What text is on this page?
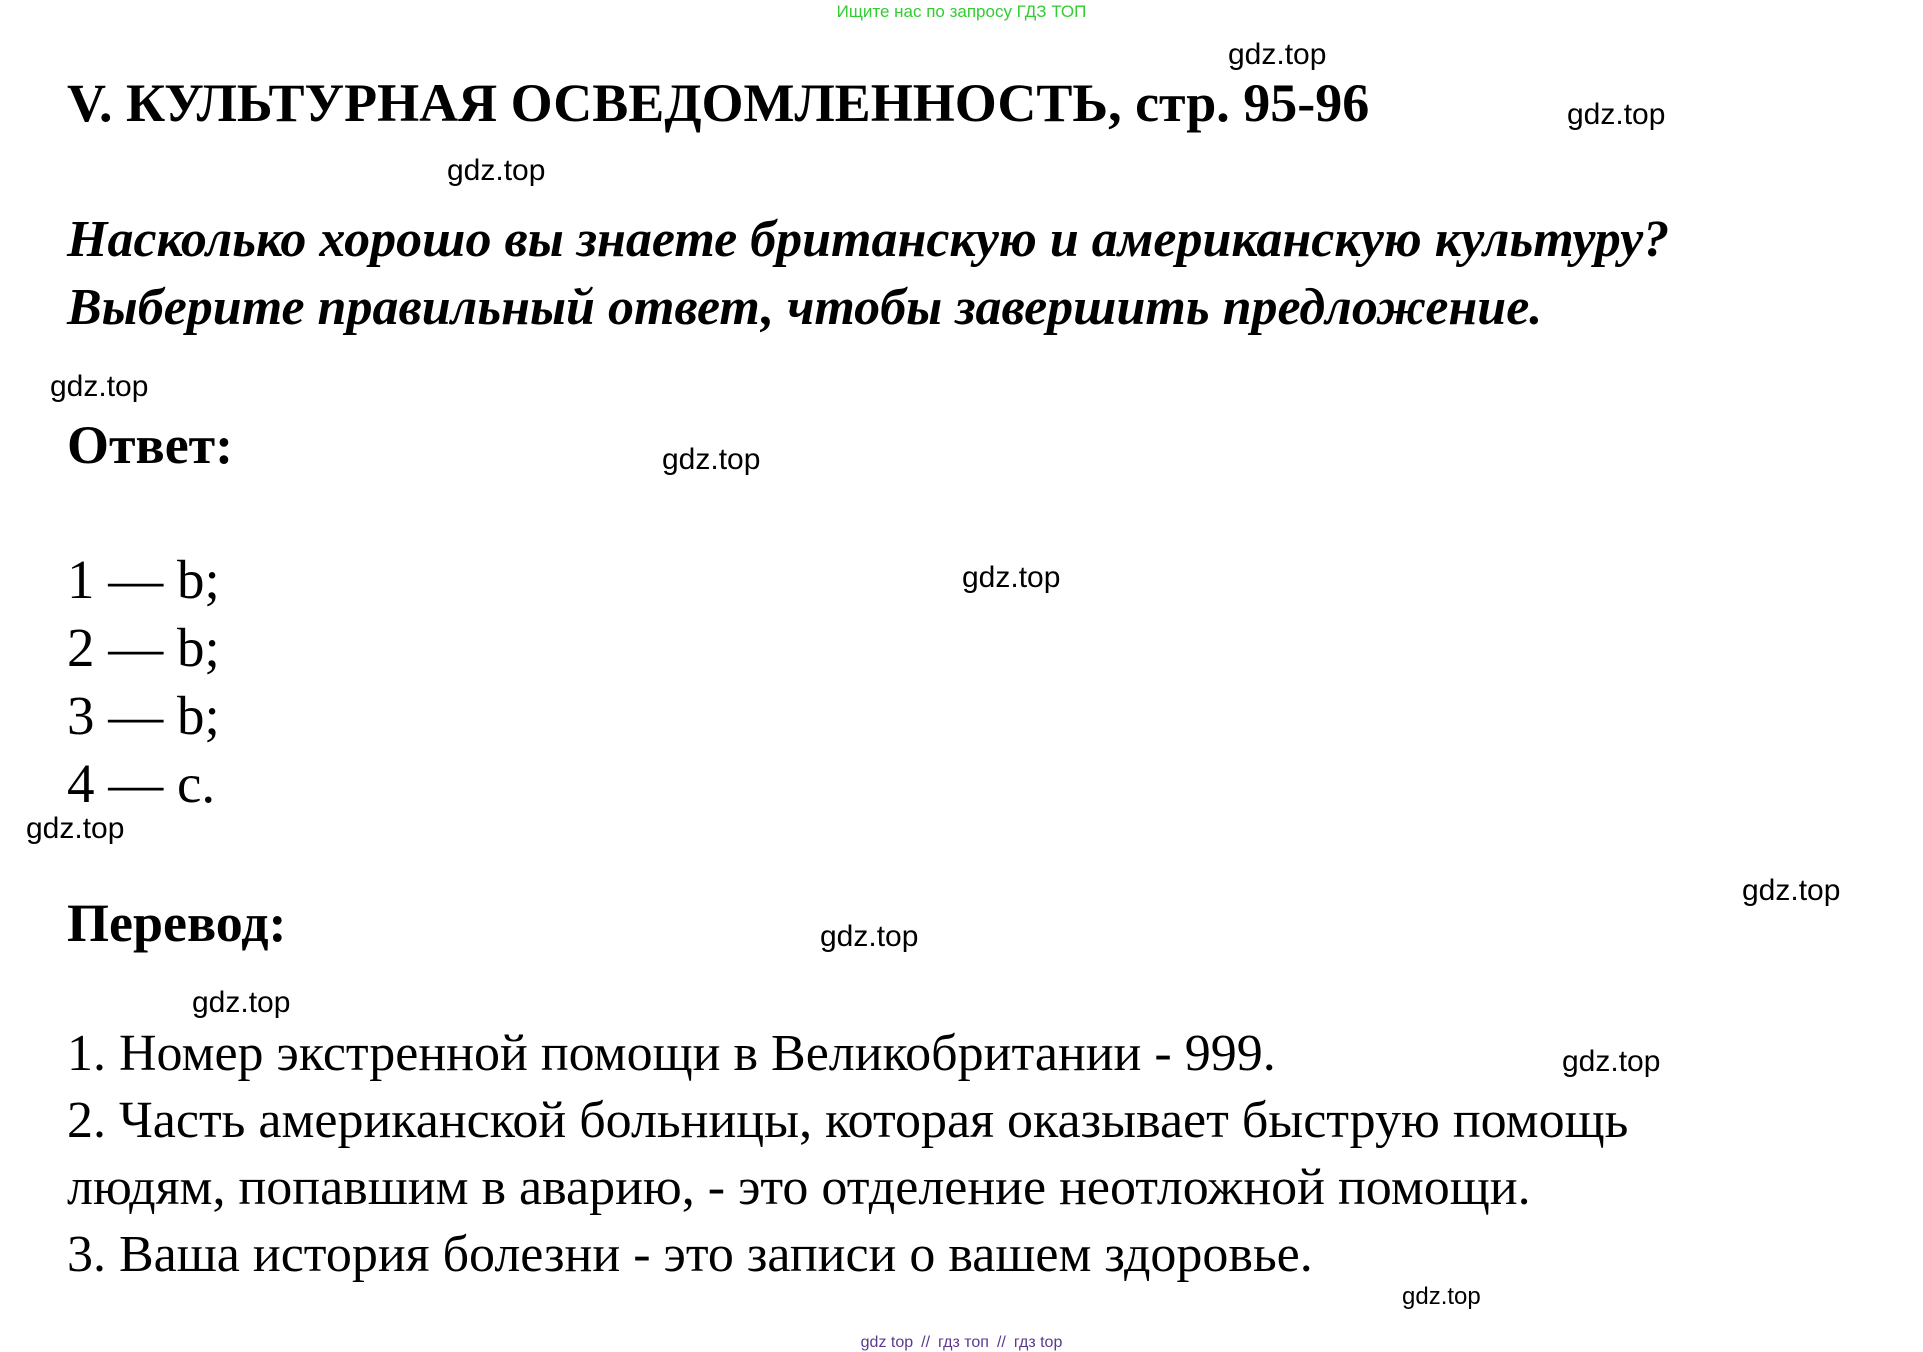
Ищите нас по запросу ГДЗ ТОП
V. КУЛЬТУРНАЯ ОСВЕДОМЛЕННОСТЬ, стр. 95-96
Насколько хорошо вы знаете британскую и американскую культуру?
Выберите правильный ответ, чтобы завершить предложение.
Ответ:
1 — b;
2 — b;
3 — b;
4 — c.
Перевод:
1. Номер экстренной помощи в Великобритании - 999.
2. Часть американской больницы, которая оказывает быструю помощь
людям, попавшим в аварию, - это отделение неотложной помощи.
3. Ваша история болезни - это записи о вашем здоровье.
gdz.top
gdz.top
gdz.top
gdz.top
gdz.top
gdz.top
gdz.top
gdz.top
gdz.top
gdz.top
gdz.top
gdz.top
gdz top // гдз топ // гдз top
